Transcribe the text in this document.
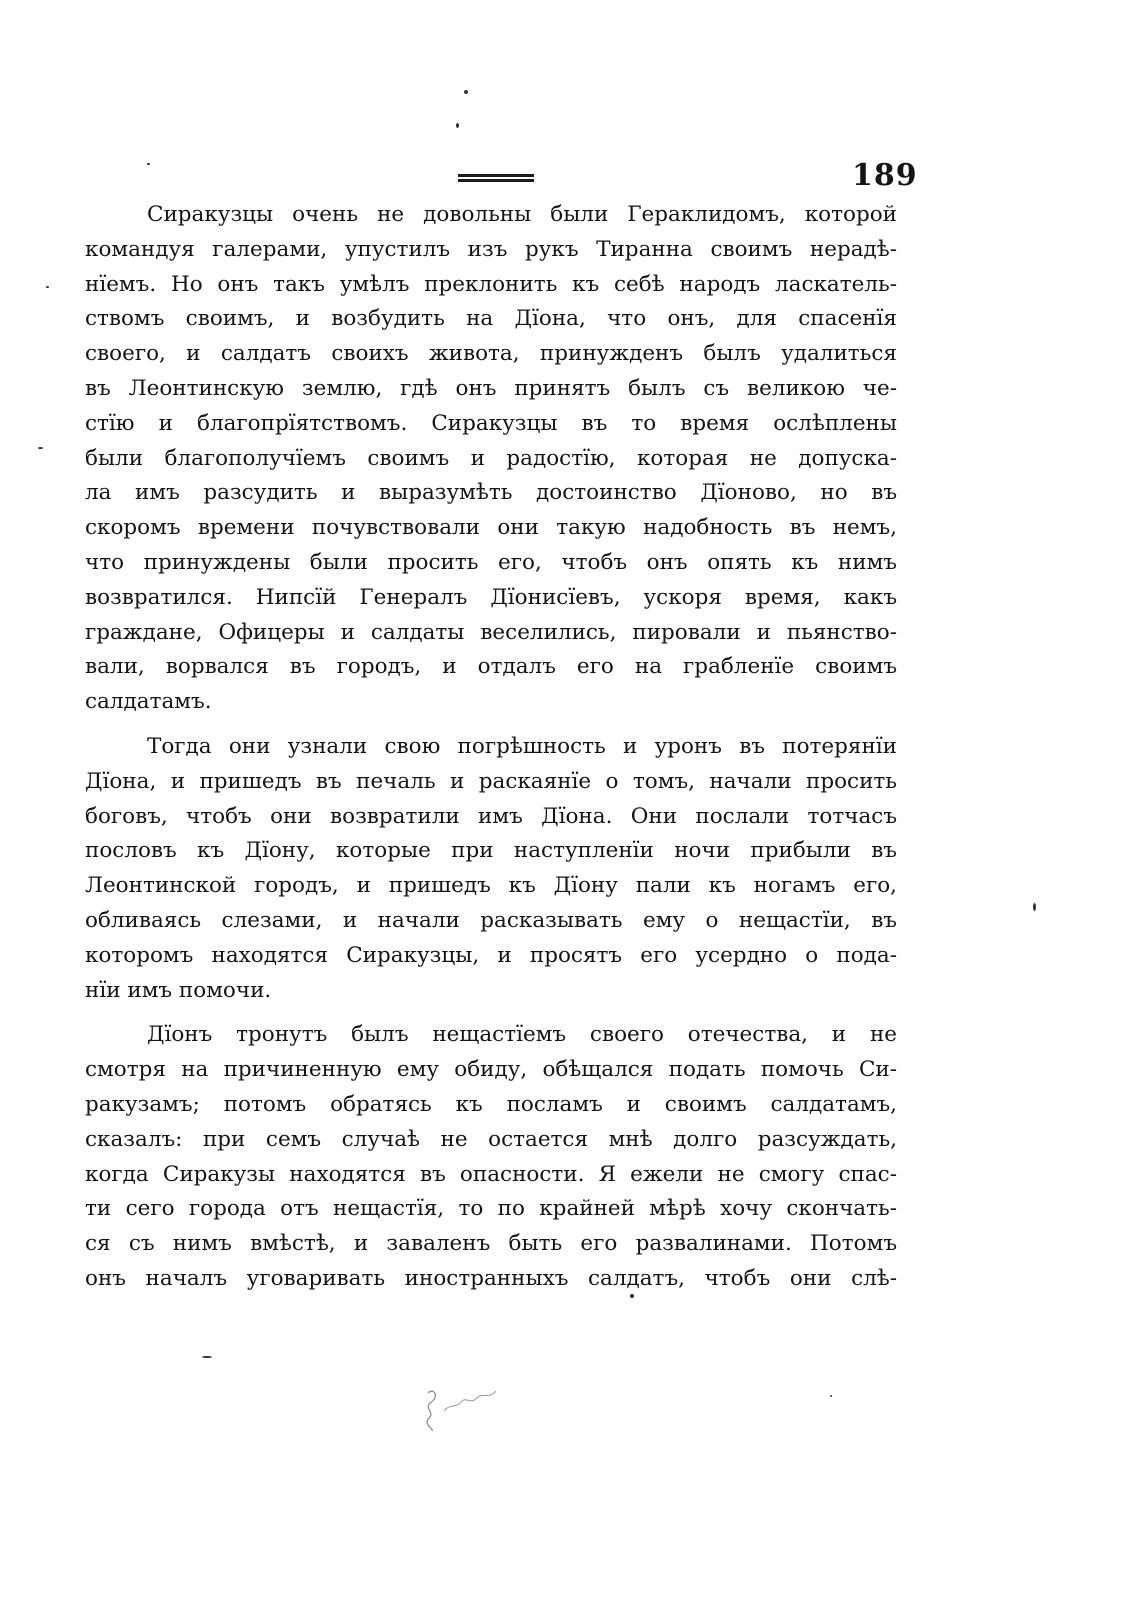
189
Сиракузцы очень не довольны были Гераклидомъ, которой
командуя галерами, упустилъ изъ рукъ Тиранна своимъ нерадѣ-
нїемъ. Но онъ такъ умѣлъ преклонить къ себѣ народъ ласкатель-
ствомъ своимъ, и возбудить на Дїона, что онъ, для спасенїя
своего, и салдатъ своихъ живота, принужденъ былъ удалиться
въ Леонтинскую землю, гдѣ онъ принятъ былъ съ великою че-
стїю и благопрїятствомъ. Сиракузцы въ то время ослѣплены
были благополучїемъ своимъ и радостїю, которая не допуска-
ла имъ разсудить и выразумѣть достоинство Дїоново, но въ
скоромъ времени почувствовали они такую надобность въ немъ,
что принуждены были просить его, чтобъ онъ опять къ нимъ
возвратился. Нипсїй Генералъ Дїонисїевъ, ускоря время, какъ
граждане, Офицеры и салдаты веселились, пировали и пьянство-
вали, ворвался въ городъ, и отдалъ его на грабленїе своимъ
салдатамъ.
Тогда они узнали свою погрѣшность и уронъ въ потерянїи
Дїона, и пришедъ въ печаль и раскаянїе о томъ, начали просить
боговъ, чтобъ они возвратили имъ Дїона. Они послали тотчасъ
пословъ къ Дїону, которые при наступленїи ночи прибыли въ
Леонтинской городъ, и пришедъ къ Дїону пали къ ногамъ его,
обливаясь слезами, и начали расказывать ему о нещастїи, въ
которомъ находятся Сиракузцы, и просятъ его усердно о пода-
нїи имъ помочи.
Дїонъ тронутъ былъ нещастїемъ своего отечества, и не
смотря на причиненную ему обиду, обѣщался подать помочь Си-
ракузамъ; потомъ обратясь къ посламъ и своимъ салдатамъ,
сказалъ: при семъ случаѣ не остается мнѣ долго разсуждать,
когда Сиракузы находятся въ опасности. Я ежели не смогу спас-
ти сего города отъ нещастїя, то по крайней мѣрѣ хочу скончать-
ся съ нимъ вмѣстѣ, и заваленъ быть его развалинами. Потомъ
онъ началъ уговаривать иностранныхъ салдатъ, чтобъ они слѣ-
